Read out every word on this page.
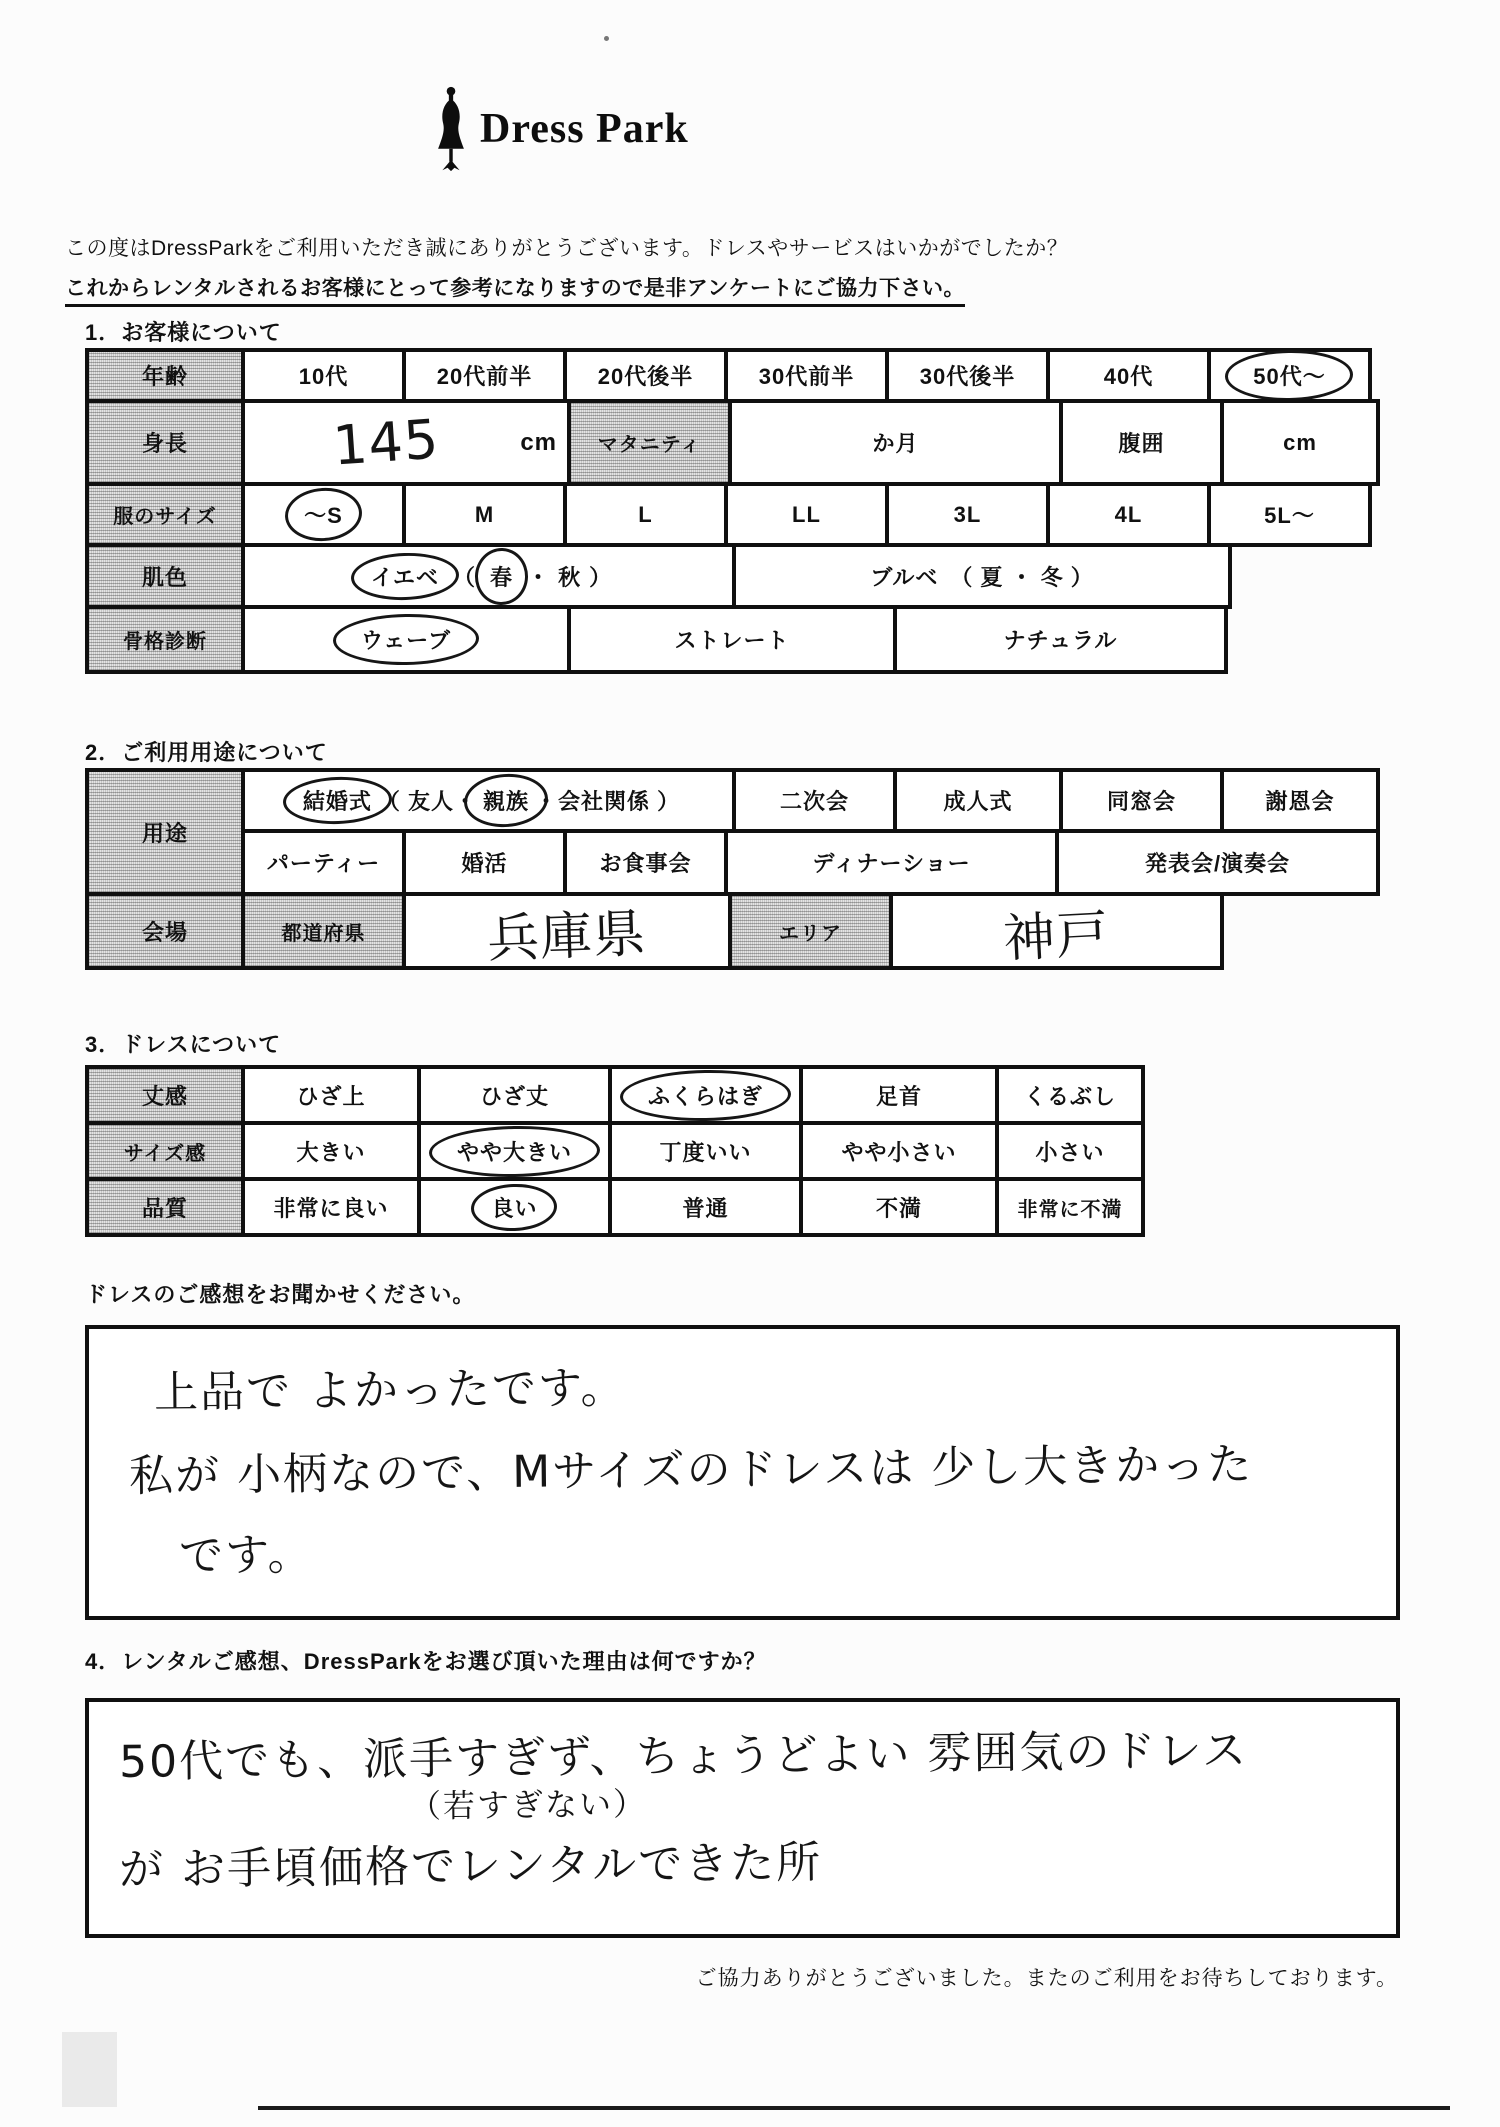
Dress Park
この度はDressParkをご利用いただき誠にありがとうございます。ドレスやサービスはいかがでしたか？
これからレンタルされるお客様にとって参考になりますので是非アンケートにご協力下さい。
1．お客様について
年齢	10代	20代前半	20代後半	30代前半	30代後半	40代	50代～
身長	145	cm	マタニティ	か月	腹囲	cm
服のサイズ	～S	M	L	LL	3L	4L	5L～
肌色	イエベ （ 春 ・ 秋 ）	ブルベ　（ 夏 ・ 冬 ）
骨格診断	ウェーブ	ストレート	ナチュラル
2．ご利用用途について
用途
結婚式 （ 友人・ 親族 ・会社関係 ）	二次会	成人式	同窓会	謝恩会
パーティー	婚活	お食事会	ディナーショー	発表会/演奏会
会場	都道府県	兵庫県	エリア	神戸
3．ドレスについて
丈感	ひざ上	ひざ丈	ふくらはぎ	足首	くるぶし
サイズ感	大きい	やや大きい	丁度いい	やや小さい	小さい
品質	非常に良い	良い	普通	不満	非常に不満
ドレスのご感想をお聞かせください。
上品で よかったです。
私が 小柄なので、Mサイズのドレスは 少し大きかった
です。
4．レンタルご感想、DressParkをお選び頂いた理由は何ですか？
50代でも、派手すぎず、ちょうどよい 雰囲気のドレス
（若すぎない）
が お手頃価格でレンタルできた所
ご協力ありがとうございました。またのご利用をお待ちしております。
